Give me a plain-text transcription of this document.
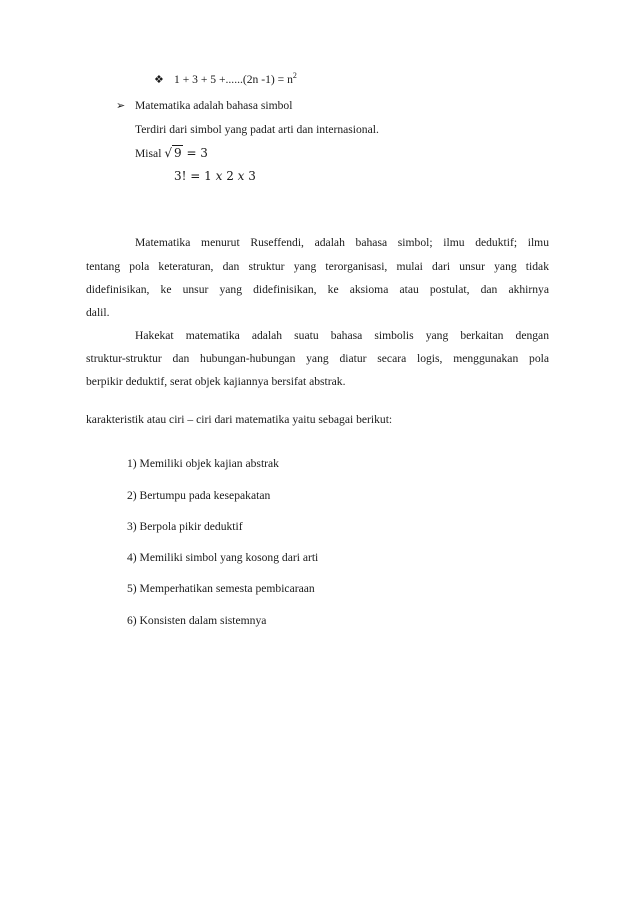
❖ 1 + 3 + 5 +......(2n $-1) = n^2$
➢ Matematika adalah bahasa simbol
Terdiri dari simbol yang padat arti dan internasional.
Misal √ 9 = 3
3! = 1 x 2 x 3
Matematika menurut Ruseffendi, adalah bahasa simbol; ilmu deduktif; ilmu
tentang pola keteraturan, dan struktur yang terorganisasi, mulai dari unsur yang tidak
didefinisikan, ke unsur yang didefinisikan, ke aksioma atau postulat, dan akhirnya
dalil.
Hakekat matematika adalah suatu bahasa simbolis yang berkaitan dengan
struktur-struktur dan hubungan-hubungan yang diatur secara logis, menggunakan pola
berpikir deduktif, serat objek kajiannya bersifat abstrak.
karakteristik atau ciri – ciri dari matematika yaitu sebagai berikut:
1) Memiliki objek kajian abstrak
2) Bertumpu pada kesepakatan
3) Berpola pikir deduktif
4) Memiliki simbol yang kosong dari arti
5) Memperhatikan semesta pembicaraan
6) Konsisten dalam sistemnya
